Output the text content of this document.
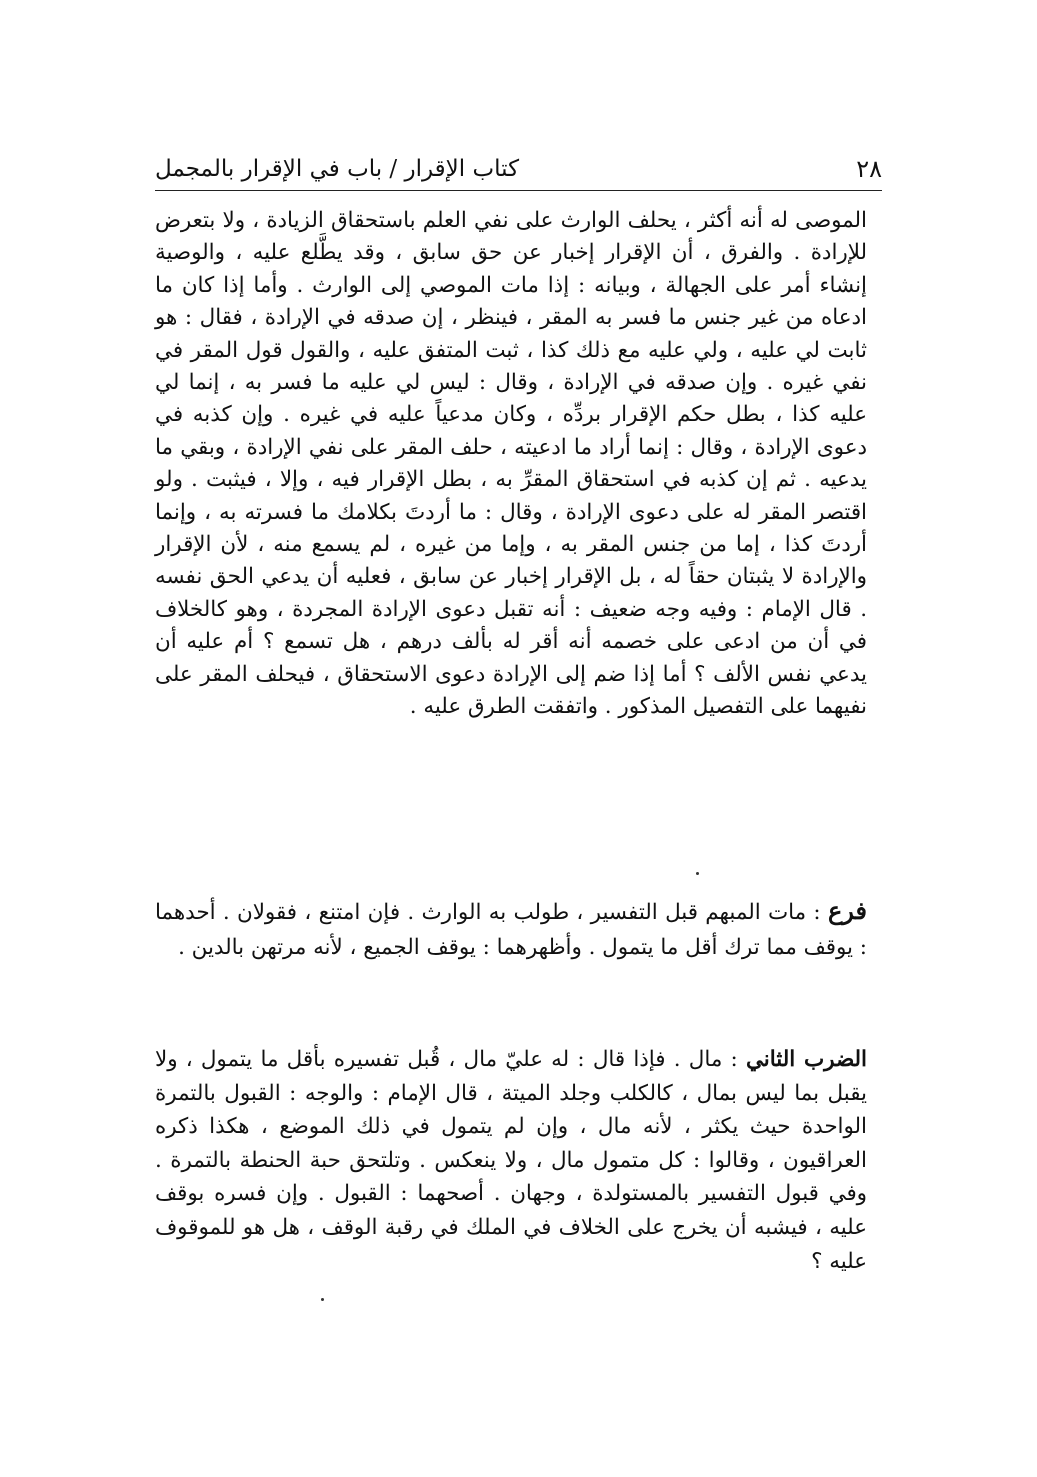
٢٨
كتاب الإقرار / باب في الإقرار بالمجمل

الموصى له أنه أكثر ، يحلف الوارث على نفي العلم باستحقاق الزيادة ، ولا بتعرض للإرادة . والفرق ، أن الإقرار إخبار عن حق سابق ، وقد يطَّلع عليه ، والوصية إنشاء أمر على الجهالة ، وبيانه : إذا مات الموصي إلى الوارث . وأما إذا كان ما ادعاه من غير جنس ما فسر به المقر ، فينظر ، إن صدقه في الإرادة ، فقال : هو ثابت لي عليه ، ولي عليه مع ذلك كذا ، ثبت المتفق عليه ، والقول قول المقر في نفي غيره . وإن صدقه في الإرادة ، وقال : ليس لي عليه ما فسر به ، إنما لي عليه كذا ، بطل حكم الإقرار بردِّه ، وكان مدعياً عليه في غيره . وإن كذبه في دعوى الإرادة ، وقال : إنما أراد ما ادعيته ، حلف المقر على نفي الإرادة ، وبقي ما يدعيه . ثم إن كذبه في استحقاق المقرِّ به ، بطل الإقرار فيه ، وإلا ، فيثبت . ولو اقتصر المقر له على دعوى الإرادة ، وقال : ما أردتَ بكلامك ما فسرته به ، وإنما أردتَ كذا ، إما من جنس المقر به ، وإما من غيره ، لم يسمع منه ، لأن الإقرار والإرادة لا يثبتان حقاً له ، بل الإقرار إخبار عن سابق ، فعليه أن يدعي الحق نفسه . قال الإمام : وفيه وجه ضعيف : أنه تقبل دعوى الإرادة المجردة ، وهو كالخلاف في أن من ادعى على خصمه أنه أقر له بألف درهم ، هل تسمع ؟ أم عليه أن يدعي نفس الألف ؟ أما إذا ضم إلى الإرادة دعوى الاستحقاق ، فيحلف المقر على نفيهما على التفصيل المذكور . واتفقت الطرق عليه .

فرع : مات المبهم قبل التفسير ، طولب به الوارث . فإن امتنع ، فقولان . أحدهما : يوقف مما ترك أقل ما يتمول . وأظهرهما : يوقف الجميع ، لأنه مرتهن بالدين .

الضرب الثاني : مال . فإذا قال : له عليّ مال ، قُبل تفسيره بأقل ما يتمول ، ولا يقبل بما ليس بمال ، كالكلب وجلد الميتة ، قال الإمام : والوجه : القبول بالتمرة الواحدة حيث يكثر ، لأنه مال ، وإن لم يتمول في ذلك الموضع ، هكذا ذكره العراقيون ، وقالوا : كل متمول مال ، ولا ينعكس . وتلتحق حبة الحنطة بالتمرة . وفي قبول التفسير بالمستولدة ، وجهان . أصحهما : القبول . وإن فسره بوقف عليه ، فيشبه أن يخرج على الخلاف في الملك في رقبة الوقف ، هل هو للموقوف عليه ؟
